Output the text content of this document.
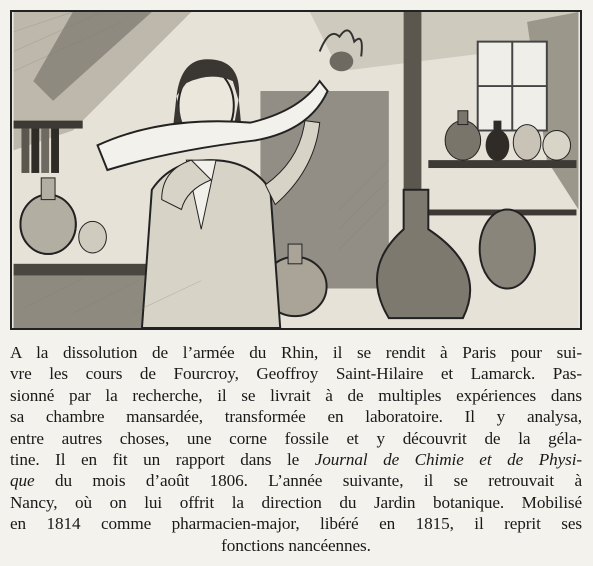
A la dissolution de l’armée du Rhin, il se rendit à Paris pour sui-
vre les cours de Fourcroy, Geoffroy Saint-Hilaire et Lamarck. Pas-
sionné par la recherche, il se livrait à de multiples expériences dans
sa chambre mansardée, transformée en laboratoire. Il y analysa,
entre autres choses, une corne fossile et y découvrit de la géla-
tine. Il en fit un rapport dans le Journal de Chimie et de Physi-
que du mois d’août 1806. L’année suivante, il se retrouvait à
Nancy, où on lui offrit la direction du Jardin botanique. Mobilisé
en 1814 comme pharmacien-major, libéré en 1815, il reprit ses
fonctions nancéennes.
